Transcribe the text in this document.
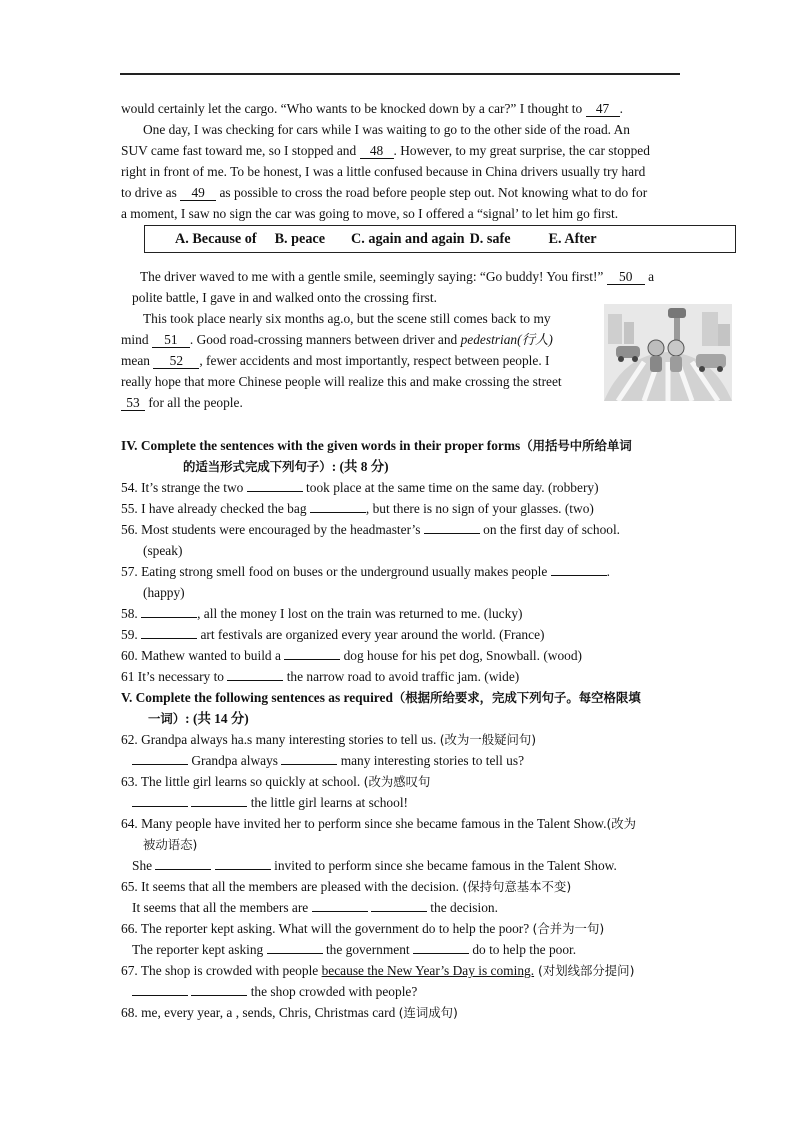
would certainly let the cargo. “Who wants to be knocked down by a car?” I thought to 47 .
One day, I was checking for cars while I was waiting to go to the other side of the road. An
SUV came fast toward me, so I stopped and 48 . However, to my great surprise, the car stopped
right in front of me. To be honest, I was a little confused because in China drivers usually try hard
to drive as 49 as possible to cross the road before people step out. Not knowing what to do for
a moment, I saw no sign the car was going to move, so I offered a “signal’ to let him go first.
A. Because of B. peace C. again and again D. safe	E. After
The driver waved to me with a gentle smile, seemingly saying: “Go buddy! You first!” 50 a
polite battle, I gave in and walked onto the crossing first.
This took place nearly six months ag.o, but the scene still comes back to my
mind 51 . Good road-crossing manners between driver and pedestrian(行人)
mean 52 , fewer accidents and most importantly, respect between people. I
really hope that more Chinese people will realize this and make crossing the street
53 for all the people.
IV. Complete the sentences with the given words in their proper forms（用括号中所给单词
的适当形式完成下列句子）: (共 8 分)
54. It’s strange the two	took place at the same time on the same day. (robbery)
55. I have already checked the bag	, but there is no sign of your glasses. (two)
56. Most students were encouraged by the headmaster’s	on the first day of school.
(speak)
57. Eating strong smell food on buses or the underground usually makes people	.
(happy)
58.	, all the money I lost on the train was returned to me. (lucky)
59.	art festivals are organized every year around the world. (France)
60. Mathew wanted to build a	dog house for his pet dog, Snowball. (wood)
61 It’s necessary to	the narrow road to avoid traffic jam. (wide)
V. Complete the following sentences as required（根据所给要求，完成下列句子。每空格限填
一词）: (共 14 分)
62. Grandpa always ha.s many interesting stories to tell us. (改为一般疑问句)
Grandpa always	many interesting stories to tell us?
63. The little girl learns so quickly at school. (改为感叹句
the little girl learns at school!
64. Many people have invited her to perform since she became famous in the Talent Show.(改为
被动语态)
She	invited to perform since she became famous in the Talent Show.
65. It seems that all the members are pleased with the decision. (保持句意基本不变)
It seems that all the members are	the decision.
66. The reporter kept asking. What will the government do to help the poor? (合并为一句)
The reporter kept asking	the government	do to help the poor.
67. The shop is crowded with people because the New Year’s Day is coming. (对划线部分提问)
the shop crowded with people?
68. me, every year, a , sends, Chris, Christmas card (连词成句)
